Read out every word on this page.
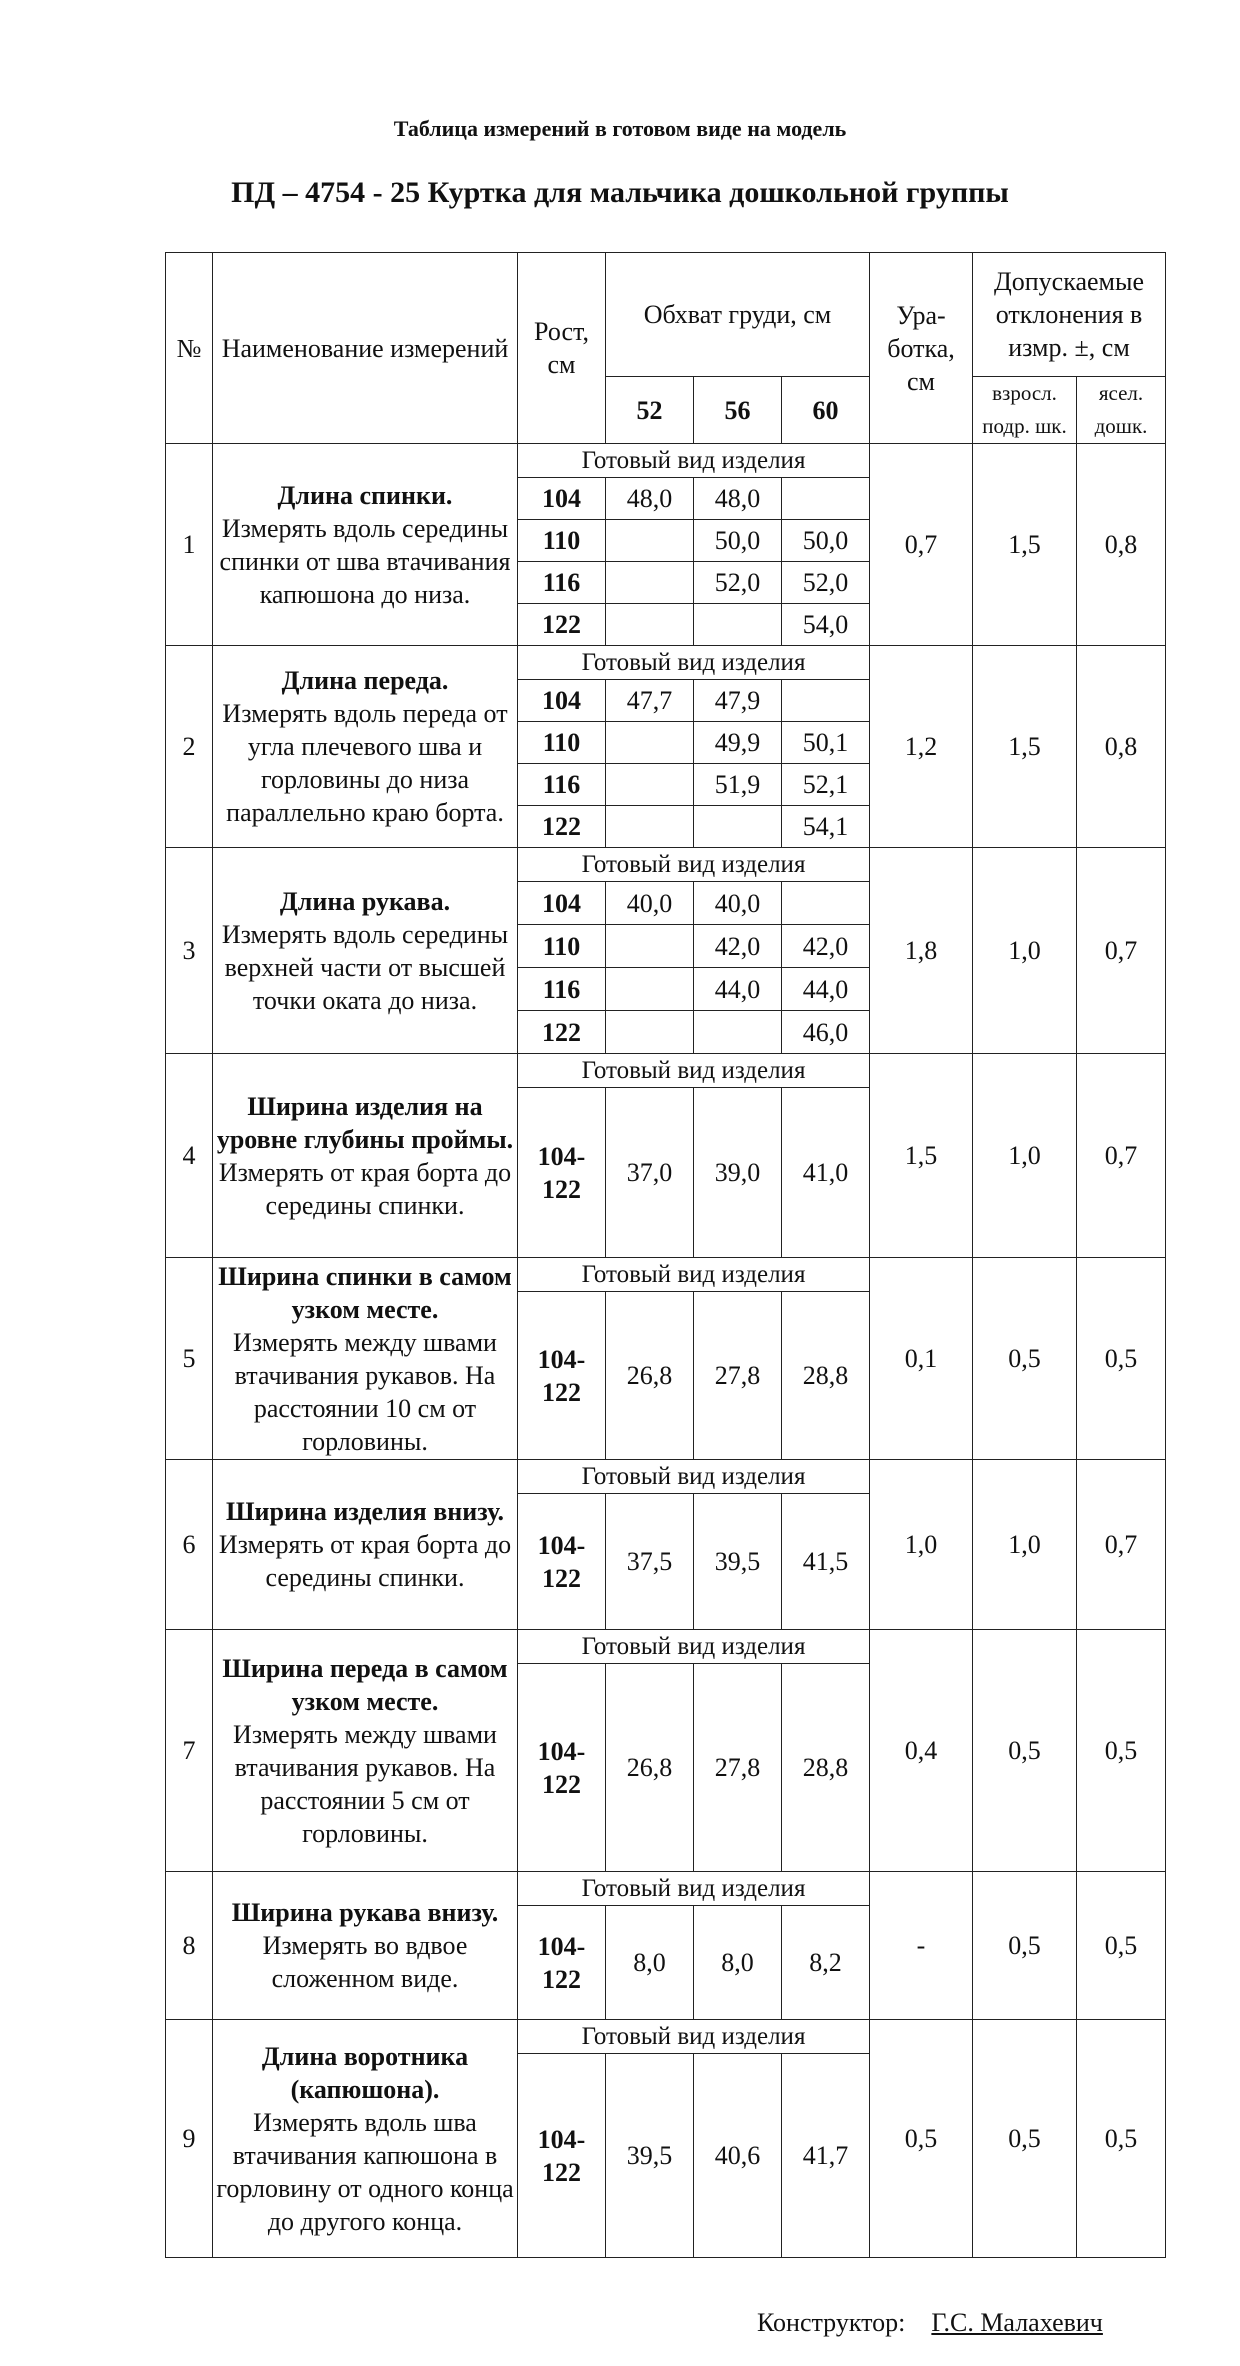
Таблица измерений в готовом виде на модель
ПД – 4754 - 25 Куртка для мальчика дошкольной группы
№	Наименование измерений	Рост, см	Обхват груди, см			Ура-ботка, см	Допускаемые отклонения в измр. ±, см	
			52	56	60		взросл. подр. шк.	ясел. дошк.
1	Длина спинки.
Измерять вдоль середины спинки от шва втачивания капюшона до низа.	Готовый вид изделия				0,7	1,5	0,8
		104	48,0	48,0				
		110		50,0	50,0			
		116		52,0	52,0			
		122			54,0			
2	Длина переда.
Измерять вдоль переда от угла плечевого шва и горловины до низа параллельно краю борта.	Готовый вид изделия				1,2	1,5	0,8
		104	47,7	47,9				
		110		49,9	50,1			
		116		51,9	52,1			
		122			54,1			
3	Длина рукава.
Измерять вдоль середины верхней части от высшей точки оката до низа.	Готовый вид изделия				1,8	1,0	0,7
		104	40,0	40,0				
		110		42,0	42,0			
		116		44,0	44,0			
		122			46,0			
4	Ширина изделия на уровне глубины проймы.
Измерять от края борта до середины спинки.	Готовый вид изделия				1,5	1,0	0,7
		104-122	37,0	39,0	41,0			
5	Ширина спинки в самом узком месте.
Измерять между швами втачивания рукавов. На расстоянии 10 см от горловины.	Готовый вид изделия				0,1	0,5	0,5
		104-122	26,8	27,8	28,8			
6	Ширина изделия внизу.
Измерять от края борта до середины спинки.	Готовый вид изделия				1,0	1,0	0,7
		104-122	37,5	39,5	41,5			
7	Ширина переда в самом узком месте.
Измерять между швами втачивания рукавов. На расстоянии 5 см от горловины.	Готовый вид изделия				0,4	0,5	0,5
		104-122	26,8	27,8	28,8			
8	Ширина рукава внизу.
Измерять во вдвое сложенном виде.	Готовый вид изделия				-	0,5	0,5
		104-122	8,0	8,0	8,2			
9	Длина воротника (капюшона).
Измерять вдоль шва втачивания капюшона в горловину от одного конца до другого конца.	Готовый вид изделия				0,5	0,5	0,5
		104-122	39,5	40,6	41,7			
Конструктор: Г.С. Малахевич
